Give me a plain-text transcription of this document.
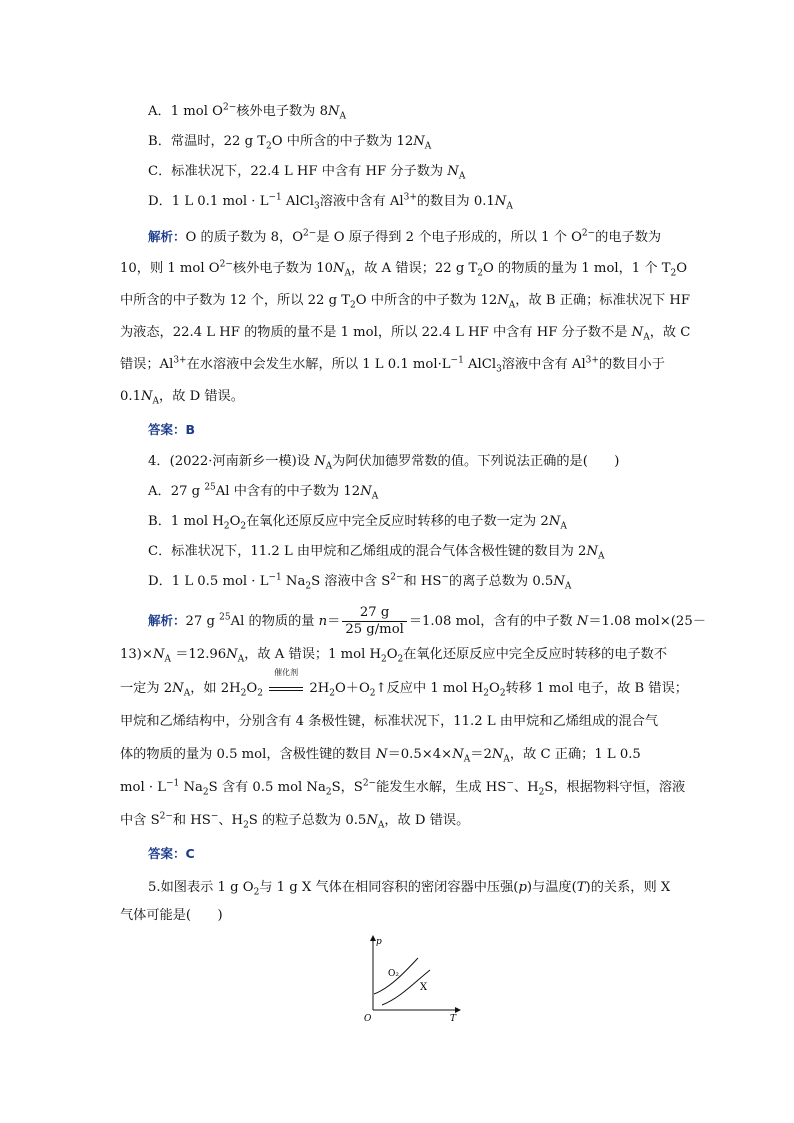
A．1 mol $O^{2-}$核外电子数为 $8N_A$
B．常温时，22 g $T_2O$ 中所含的中子数为 $12N_A$
C．标准状况下，22.4 L HF 中含有 HF 分子数为 $N_A$
D．1 L 0.1 mol · $L^{-1}$ AlCl$_3$溶液中含有 $Al^{3+}$的数目为 $0.1N_A$
解析：O 的质子数为 8，$O^{2-}$是 O 原子得到 2 个电子形成的，所以 1 个 $O^{2-}$的电子数为
10，则 1 mol $O^{2-}$核外电子数为 $10N_A$，故 A 错误；22 g $T_2O$ 的物质的量为 1 mol，1 个 $T_2O$
中所含的中子数为 12 个，所以 22 g $T_2O$ 中所含的中子数为 $12N_A$，故 B 正确；标准状况下 HF
为液态，22.4 L HF 的物质的量不是 1 mol，所以 22.4 L HF 中含有 HF 分子数不是 $N_A$，故 C
错误；$Al^{3+}$在水溶液中会发生水解，所以 1 L 0.1 $mol\cdot L^{-1}$ AlCl$_3$溶液中含有 $Al^{3+}$的数目小于
$0.1N_A$，故 D 错误。
答案：B
4．(2022·河南新乡一模)设 $N_A$为阿伏加德罗常数的值。下列说法正确的是(　　)
A．27 g $^{25}$Al 中含有的中子数为 $12N_A$
B．1 mol $H_2O_2$在氧化还原反应中完全反应时转移的电子数一定为 $2N_A$
C．标准状况下，11.2 L 由甲烷和乙烯组成的混合气体含极性键的数目为 $2N_A$
D．1 L 0.5 mol · $L^{-1}$ $Na_2S$ 溶液中含 $S^{2-}$和 HS−的离子总数为 $0.5N_A$
解析：27 g $^{25}$Al 的物质的量 $n= \frac{27 g}{\text{25 g/mol}} =1.08$ mol，含有的中子数 N＝1.08 mol×(25－
$13)\times N_A =12.96N_A$，故 A 错误；1 mol $H_2O_2$在氧化还原反应中完全反应时转移的电子数不
一定为 $2N_A$，如 $2H_2O_2$
催化剂
$2H_2O+O_2↑$反应中 1 mol $H_2O_2$转移 1 mol 电子，故 B 错误；
甲烷和乙烯结构中，分别含有 4 条极性键，标准状况下，11.2 L 由甲烷和乙烯组成的混合气
体的物质的量为 0.5 mol，含极性键的数目 $N=0.5\times 4\times N_A=2N_A$，故 C 正确；1 L 0.5
mol · $L^{-1}$ $Na_2S$ 含有 0.5 mol $Na_2S$，$S^{2-}$能发生水解，生成 HS−、$H_2S$，根据物料守恒，溶液
中含 $S^{2-}$和 HS−、$H_2S$ 的粒子总数为 $0.5N_A$，故 D 错误。
答案：C
5.如图表示 1 g $O_2$与 1 g X 气体在相同容积的密闭容器中压强(p)与温度(T)的关系，则 X
气体可能是(　　)
p
T
O
O₂
X
